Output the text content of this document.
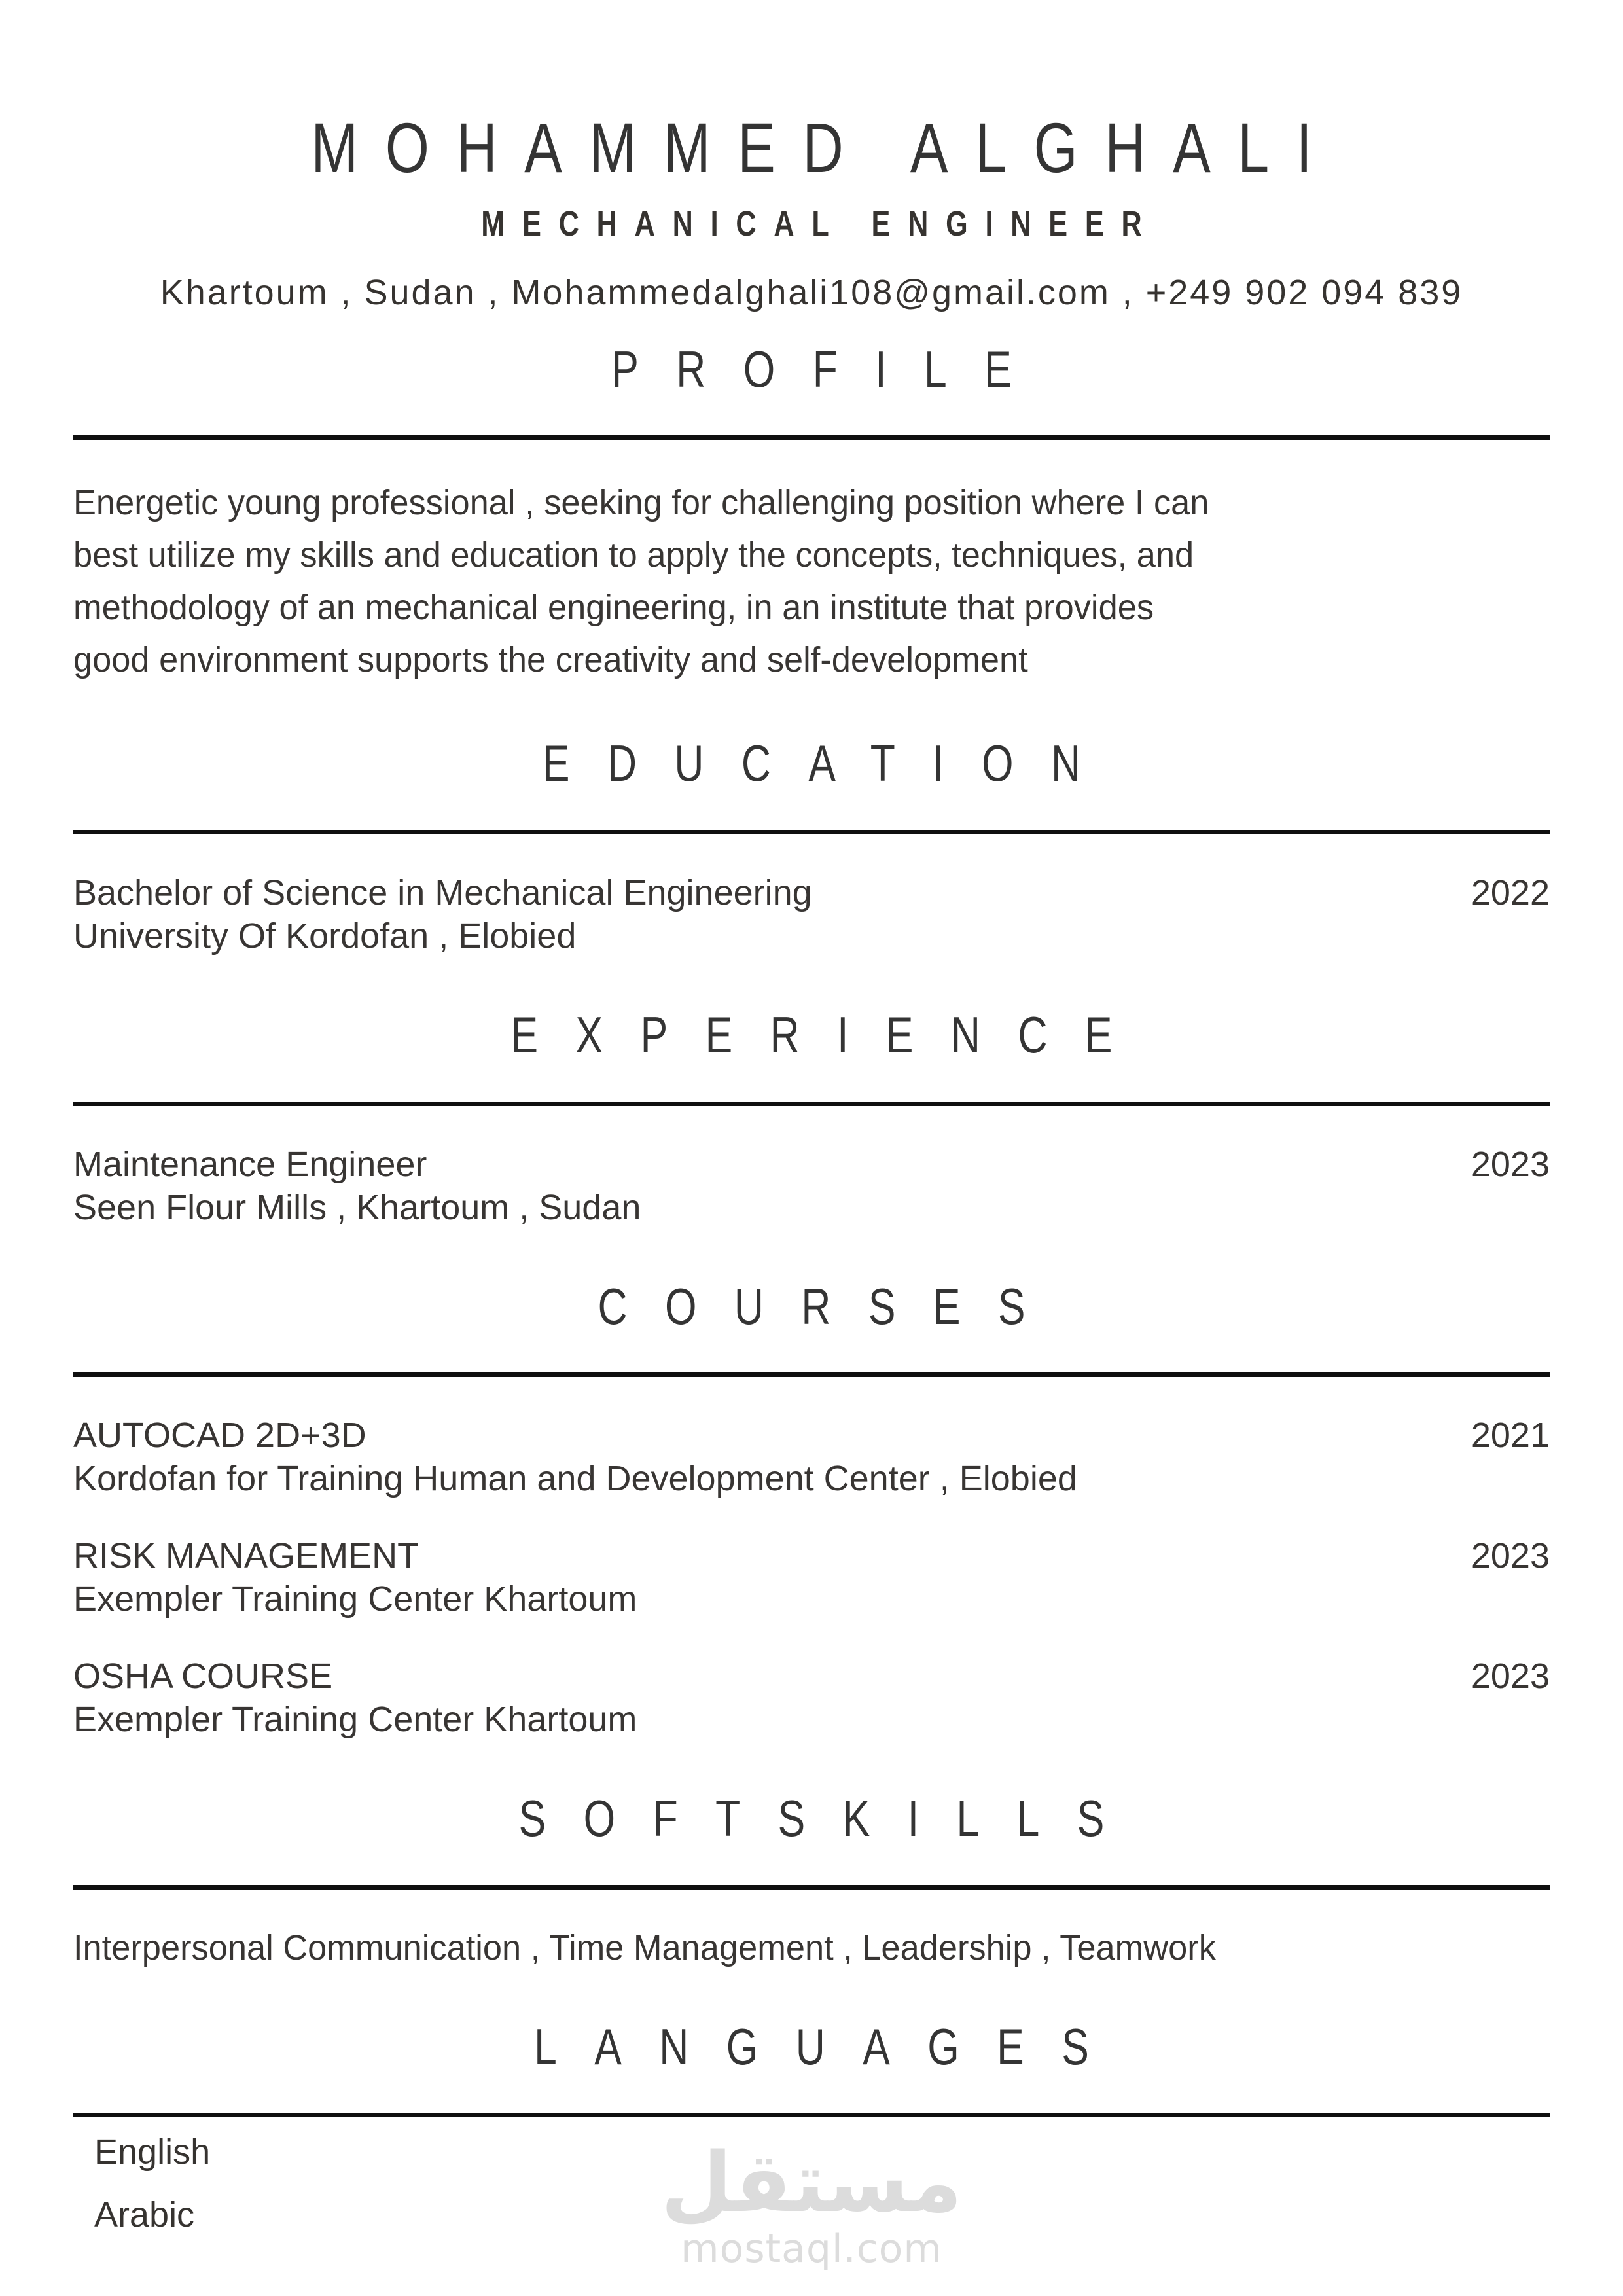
MOHAMMED ALGHALI
MECHANICAL ENGINEER
Khartoum , Sudan , Mohammedalghali108@gmail.com , +249 902 094 839
PROFILE
Energetic young professional , seeking for challenging position where I can
best utilize my skills and education to apply the concepts, techniques, and
methodology of an mechanical engineering, in an institute that provides
good environment supports the creativity and self-development
EDUCATION
Bachelor of Science in Mechanical Engineering	2022
University Of Kordofan , Elobied
EXPERIENCE
Maintenance Engineer	2023
Seen Flour Mills , Khartoum , Sudan
COURSES
AUTOCAD 2D+3D	2021
Kordofan for Training Human and Development Center , Elobied
RISK MANAGEMENT	2023
Exempler Training Center Khartoum
OSHA COURSE	2023
Exempler Training Center Khartoum
SOFTSKILLS
Interpersonal Communication , Time Management , Leadership , Teamwork
LANGUAGES
English
Arabic	مستقل
mostaql.com
